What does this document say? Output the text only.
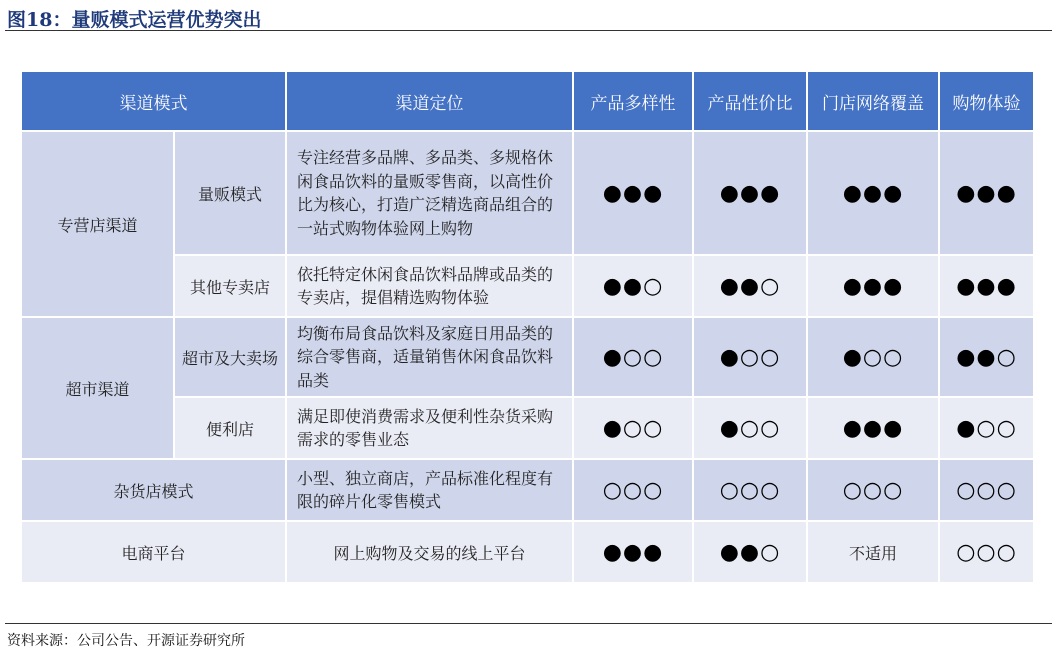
图18：量贩模式运营优势突出
渠道模式		渠道定位	产品多样性	产品性价比	门店网络覆盖	购物体验
专营店渠道	量贩模式	专注经营多品牌、多品类、多规格休闲食品饮料的量贩零售商，以高性价比为核心，打造广泛精选商品组合的一站式购物体验网上购物	●●●	●●●	●●●	●●●
	其他专卖店	依托特定休闲食品饮料品牌或品类的专卖店，提倡精选购物体验	●●○	●●○	●●●	●●●
超市渠道	超市及大卖场	均衡布局食品饮料及家庭日用品类的综合零售商，适量销售休闲食品饮料品类	●○○	●○○	●○○	●●○
	便利店	满足即使消费需求及便利性杂货采购需求的零售业态	●○○	●○○	●●●	●○○
杂货店模式		小型、独立商店，产品标准化程度有限的碎片化零售模式	○○○	○○○	○○○	○○○
电商平台		网上购物及交易的线上平台	●●●	●●○	不适用	○○○
资料来源：公司公告、开源证券研究所
